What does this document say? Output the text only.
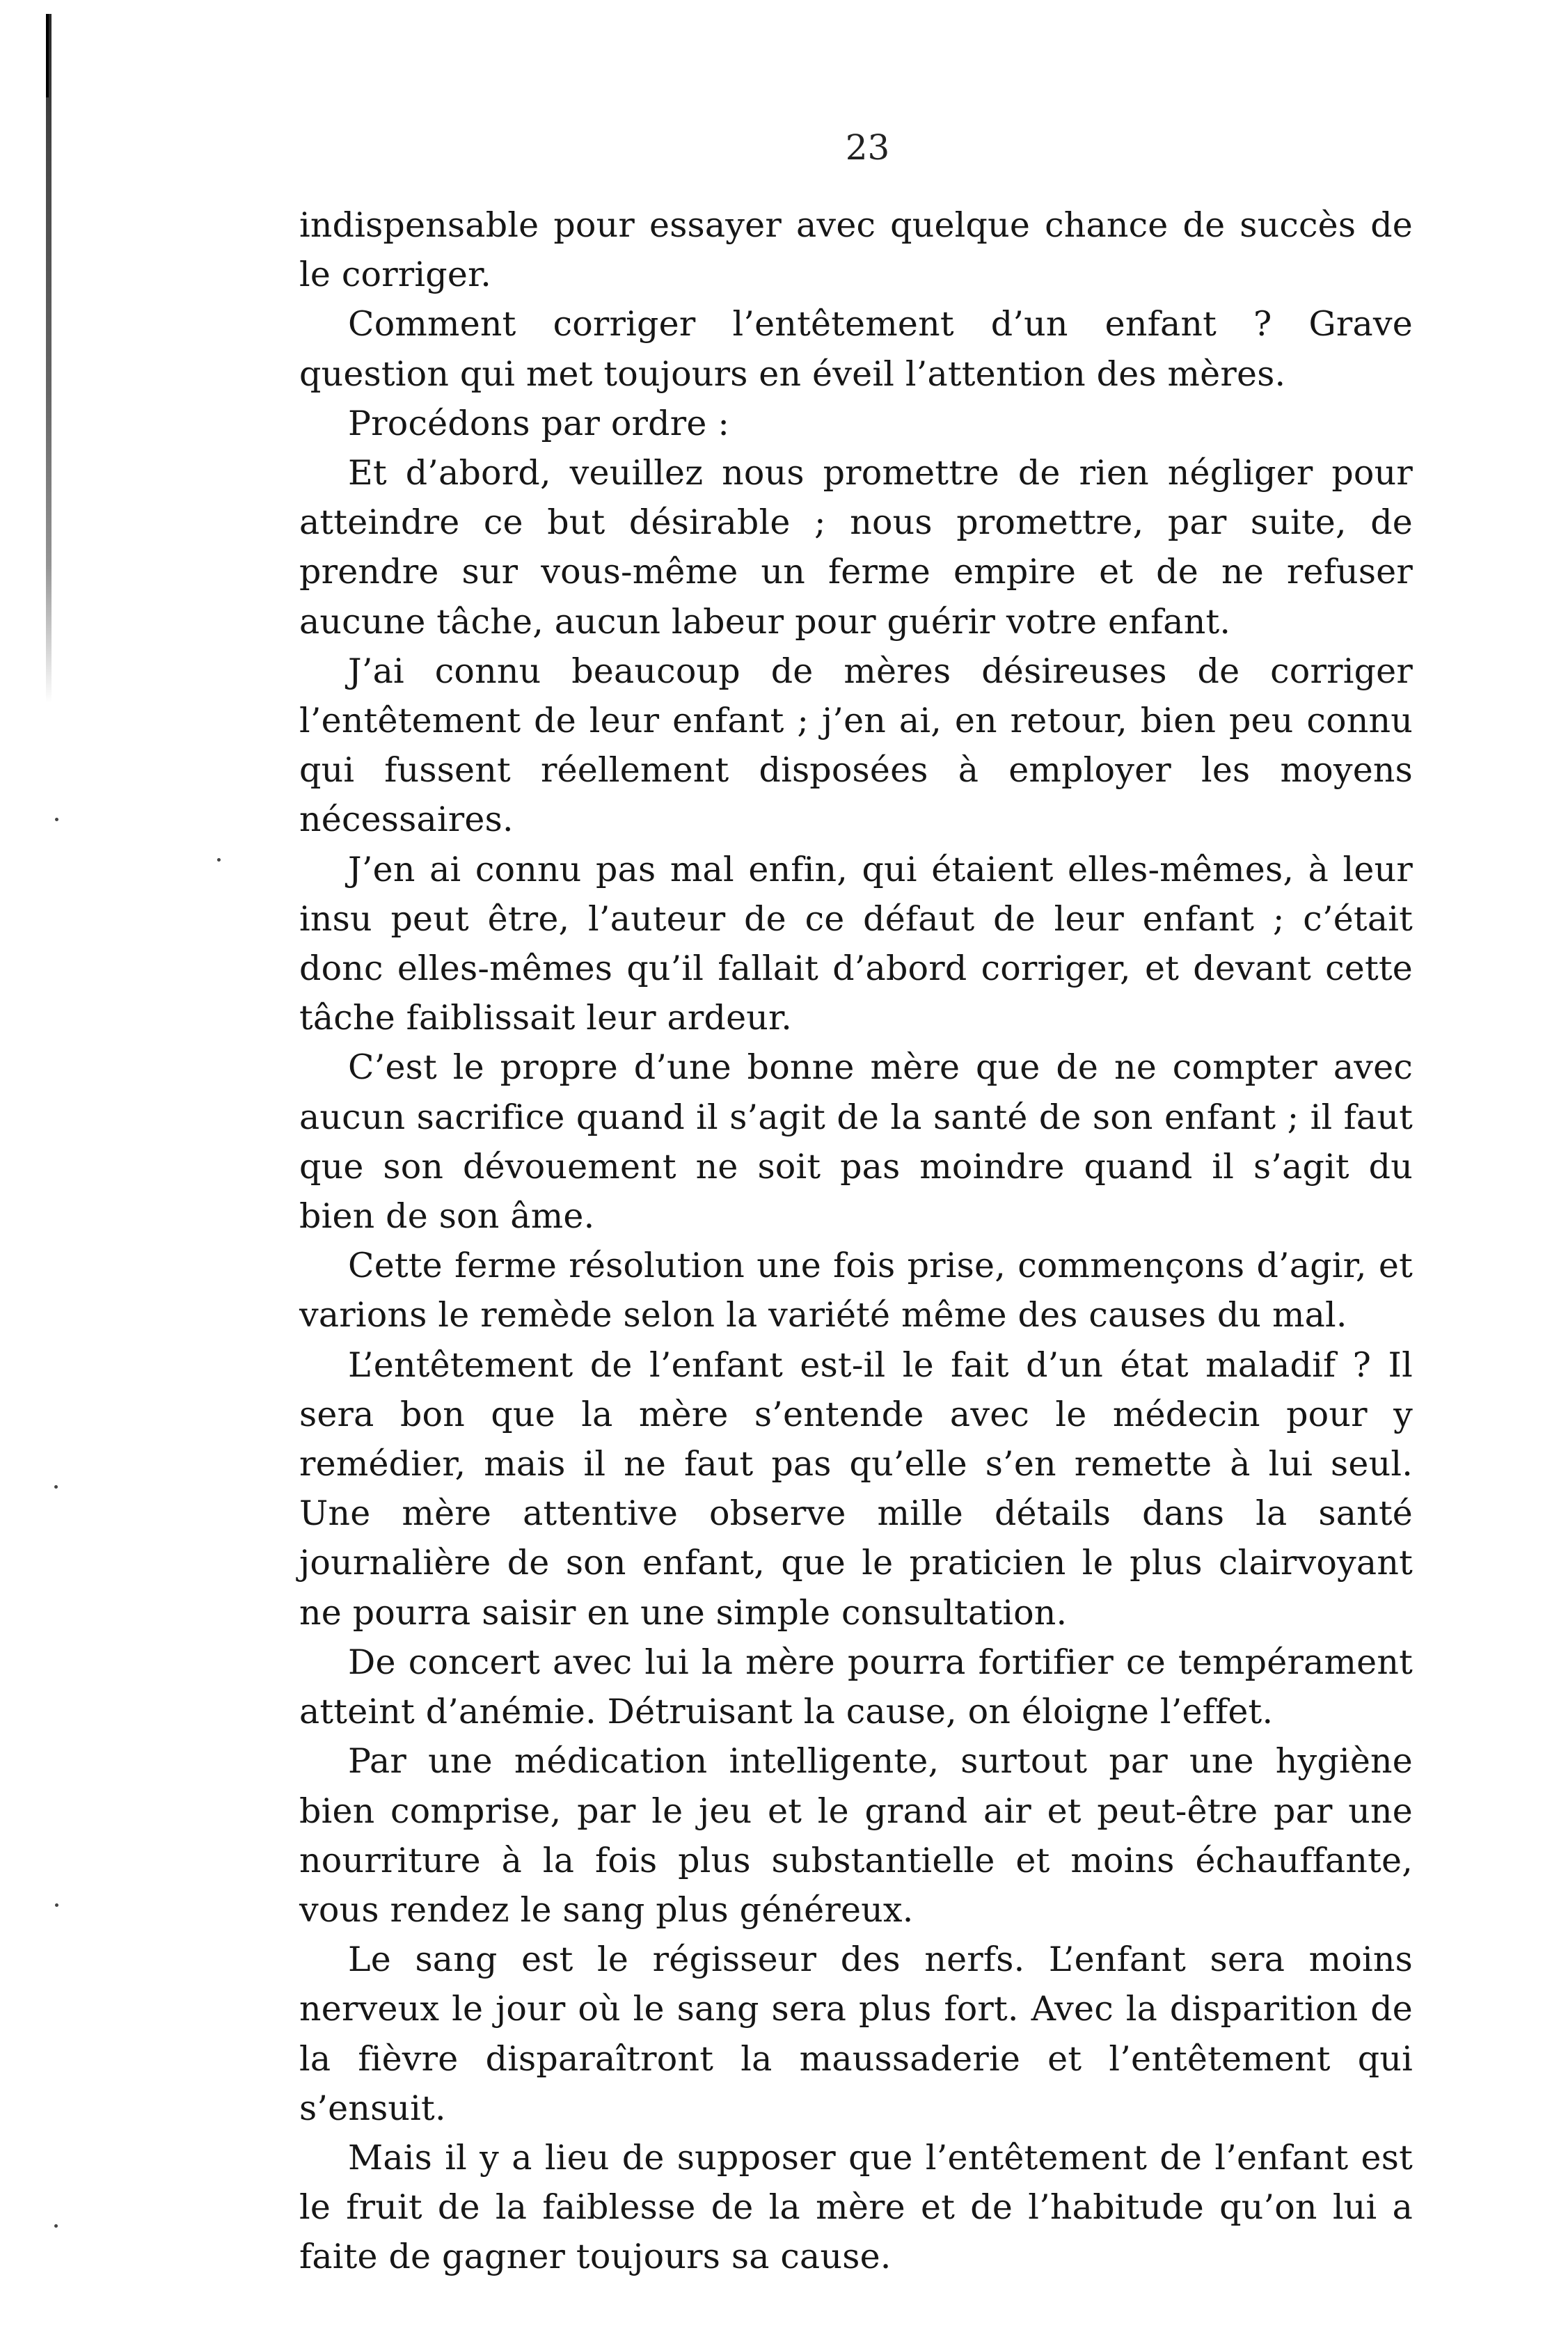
23

indispensable pour essayer avec quelque chance de succès de le corriger.

Comment corriger l’entêtement d’un enfant ? Grave question qui met toujours en éveil l’attention des mères.

Procédons par ordre :

Et d’abord, veuillez nous promettre de rien négliger pour atteindre ce but désirable ; nous promettre, par suite, de prendre sur vous-même un ferme empire et de ne refuser aucune tâche, aucun labeur pour guérir votre enfant.

J’ai connu beaucoup de mères désireuses de corriger l’entêtement de leur enfant ; j’en ai, en retour, bien peu connu qui fussent réellement disposées à employer les moyens nécessaires.

J’en ai connu pas mal enfin, qui étaient elles-mêmes, à leur insu peut être, l’auteur de ce défaut de leur enfant ; c’était donc elles-mêmes qu’il fallait d’abord corriger, et devant cette tâche faiblissait leur ardeur.

C’est le propre d’une bonne mère que de ne compter avec aucun sacrifice quand il s’agit de la santé de son enfant ; il faut que son dévouement ne soit pas moindre quand il s’agit du bien de son âme.

Cette ferme résolution une fois prise, commençons d’agir, et varions le remède selon la variété même des causes du mal.

L’entêtement de l’enfant est-il le fait d’un état maladif ? Il sera bon que la mère s’entende avec le médecin pour y remédier, mais il ne faut pas qu’elle s’en remette à lui seul. Une mère attentive observe mille détails dans la santé journalière de son enfant, que le praticien le plus clairvoyant ne pourra saisir en une simple consultation.

De concert avec lui la mère pourra fortifier ce tempérament atteint d’anémie. Détruisant la cause, on éloigne l’effet.

Par une médication intelligente, surtout par une hygiène bien comprise, par le jeu et le grand air et peut-être par une nourriture à la fois plus substantielle et moins échauffante, vous rendez le sang plus généreux.

Le sang est le régisseur des nerfs. L’enfant sera moins nerveux le jour où le sang sera plus fort. Avec la disparition de la fièvre disparaîtront la maussaderie et l’entêtement qui s’ensuit.

Mais il y a lieu de supposer que l’entêtement de l’enfant est le fruit de la faiblesse de la mère et de l’habitude qu’on lui a faite de gagner toujours sa cause.
